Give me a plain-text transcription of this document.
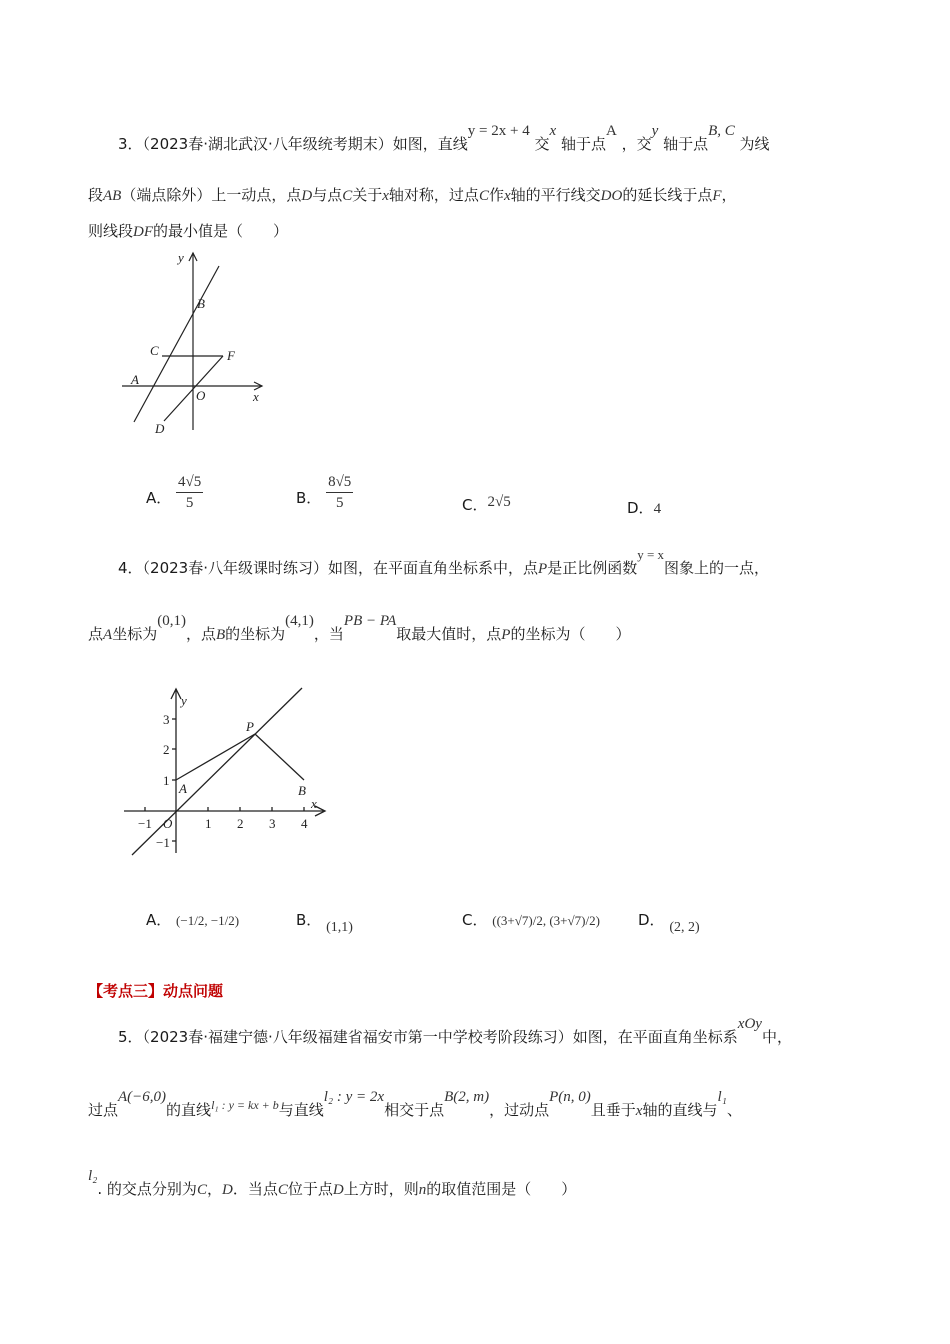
3．（2023春·湖北武汉·八年级统考期末）如图，直线y = 2x + 4 交x 轴于点A ，交y 轴于点B, C 为线
段AB（端点除外）上一动点，点D与点C关于x轴对称，过点C作x轴的平行线交DO的延长线于点F，
则线段DF的最小值是（　　）
y
B
C	F
A
O	x
D
A． $\frac{4√5}{5}$	B． $\frac{8√5}{5}$	C．2√5	D．4
4．（2023春·八年级课时练习）如图，在平面直角坐标系中，点P是正比例函数y = x图象上的一点，
点A坐标为(0,1)，点B的坐标为(4,1)，当PB − PA取最大值时，点P的坐标为（　　）
y
3
2
1
−1
P
A	B
x
O
−1	1 2 3 4
A． (−1/2, −1/2)	B． (1,1)	C． ((3+√7)/2, (3+√7)/2)	D． (2, 2)
【考点三】动点问题
5．（2023春·福建宁德·八年级福建省福安市第一中学校考阶段练习）如图，在平面直角坐标系xOy中，
过点A(−6,0)的直线$^{l_1 : y = kx + b}$与直线l₂ : y = 2x相交于点B(2, m)，过动点P(n, 0)且垂于x轴的直线与l₁、
l₂. 的交点分别为C，D．当点C位于点D上方时，则n的取值范围是（　　）
